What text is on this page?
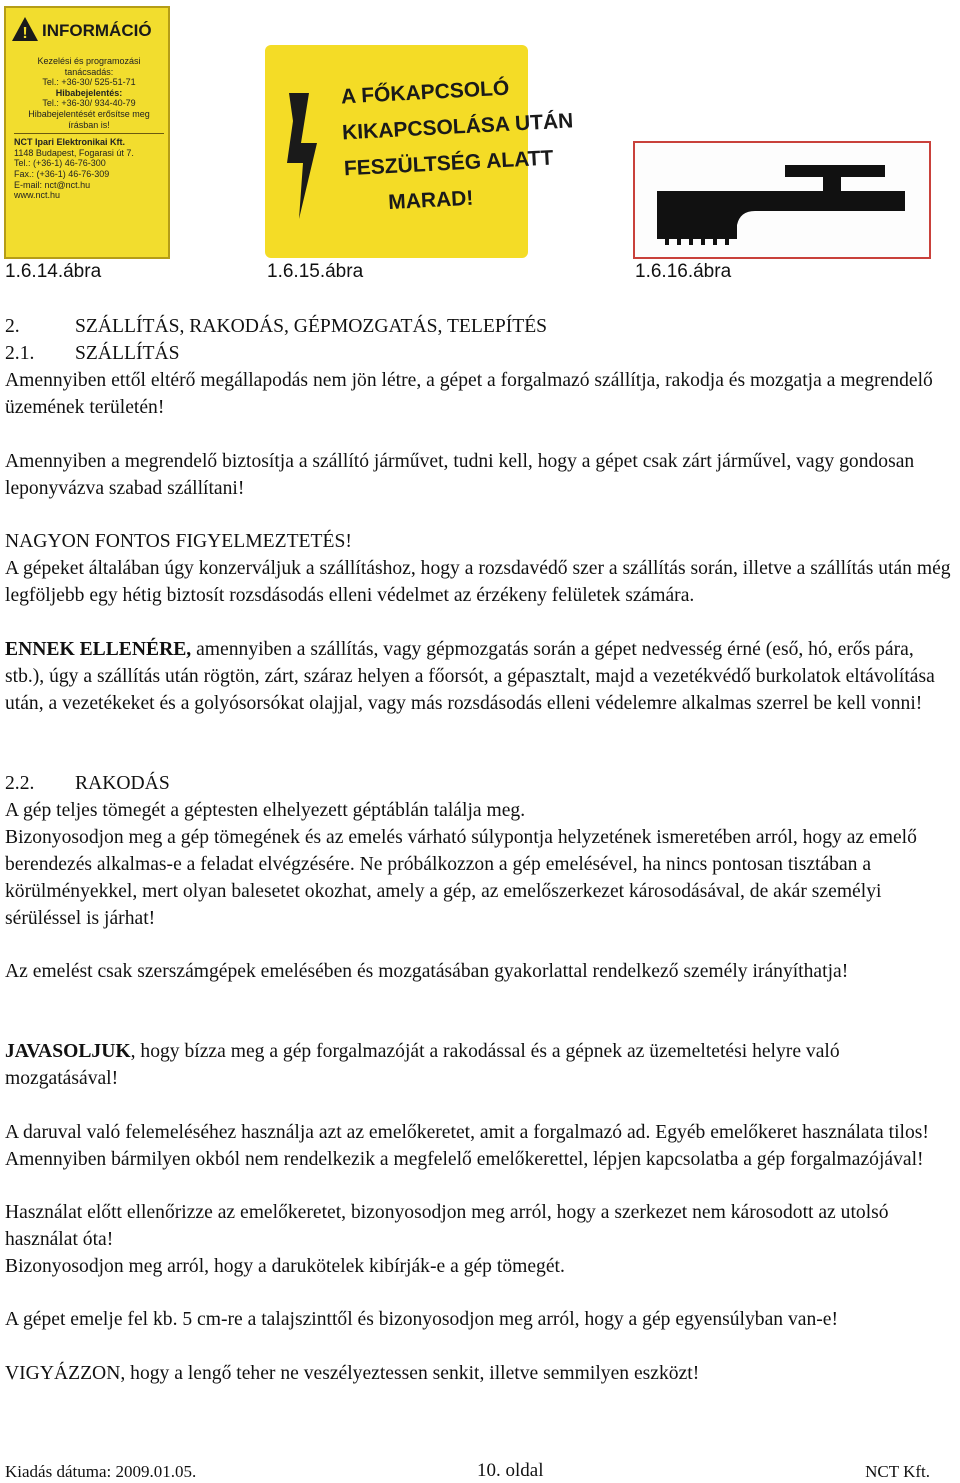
! INFORMÁCIÓ
Kezelési és programozási
tanácsadás:
Tel.: +36-30/ 525-51-71
Hibabejelentés:
Tel.: +36-30/ 934-40-79
Hibabejelentését erősítse meg
írásban is!
NCT Ipari Elektronikai Kft.
1148 Budapest, Fogarasi út 7.
Tel.: (+36-1) 46-76-300
Fax.: (+36-1) 46-76-309
E-mail: nct@nct.hu
www.nct.hu
A FŐKAPCSOLÓ
KIKAPCSOLÁSA UTÁN
FESZÜLTSÉG ALATT
MARAD!
1.6.14.ábra	1.6.15.ábra	1.6.16.ábra
2.	SZÁLLÍTÁS, RAKODÁS, GÉPMOZGATÁS, TELEPÍTÉS
2.1. SZÁLLÍTÁS
Amennyiben ettől eltérő megállapodás nem jön létre, a gépet a forgalmazó szállítja, rakodja és mozgatja a megrendelő üzemének területén!
Amennyiben a megrendelő biztosítja a szállító járművet, tudni kell, hogy a gépet csak zárt járművel, vagy gondosan leponyvázva szabad szállítani!
NAGYON FONTOS FIGYELMEZTETÉS!
A gépeket általában úgy konzerváljuk a szállításhoz, hogy a rozsdavédő szer a szállítás során, illetve a szállítás után még legföljebb egy hétig biztosít rozsdásodás elleni védelmet az érzékeny felületek számára.
ENNEK ELLENÉRE, amennyiben a szállítás, vagy gépmozgatás során a gépet nedvesség érné (eső, hó, erős pára, stb.), úgy a szállítás után rögtön, zárt, száraz helyen a főorsót, a gépasztalt, majd a vezetékvédő burkolatok eltávolítása után, a vezetékeket és a golyósorsókat olajjal, vagy más rozsdásodás elleni védelemre alkalmas szerrel be kell vonni!
2.2. RAKODÁS
A gép teljes tömegét a géptesten elhelyezett géptáblán találja meg.
Bizonyosodjon meg a gép tömegének és az emelés várható súlypontja helyzetének ismeretében arról, hogy az emelő berendezés alkalmas-e a feladat elvégzésére. Ne próbálkozzon a gép emelésével, ha nincs pontosan tisztában a körülményekkel, mert olyan balesetet okozhat, amely a gép, az emelőszerkezet károsodásával, de akár személyi sérüléssel is járhat!
Az emelést csak szerszámgépek emelésében és mozgatásában gyakorlattal rendelkező személy irányíthatja!
JAVASOLJUK, hogy bízza meg a gép forgalmazóját a rakodással és a gépnek az üzemeltetési helyre való mozgatásával!
A daruval való felemeléséhez használja azt az emelőkeretet, amit a forgalmazó ad. Egyéb emelőkeret használata tilos! Amennyiben bármilyen okból nem rendelkezik a megfelelő emelőkerettel, lépjen kapcsolatba a gép forgalmazójával!
Használat előtt ellenőrizze az emelőkeretet, bizonyosodjon meg arról, hogy a szerkezet nem károsodott az utolsó használat óta!
Bizonyosodjon meg arról, hogy a darukötelek kibírják-e a gép tömegét.
A gépet emelje fel kb. 5 cm-re a talajszinttől és bizonyosodjon meg arról, hogy a gép egyensúlyban van-e!
VIGYÁZZON, hogy a lengő teher ne veszélyeztessen senkit, illetve semmilyen eszközt!
Kiadás dátuma: 2009.01.05.	10. oldal	NCT Kft.
